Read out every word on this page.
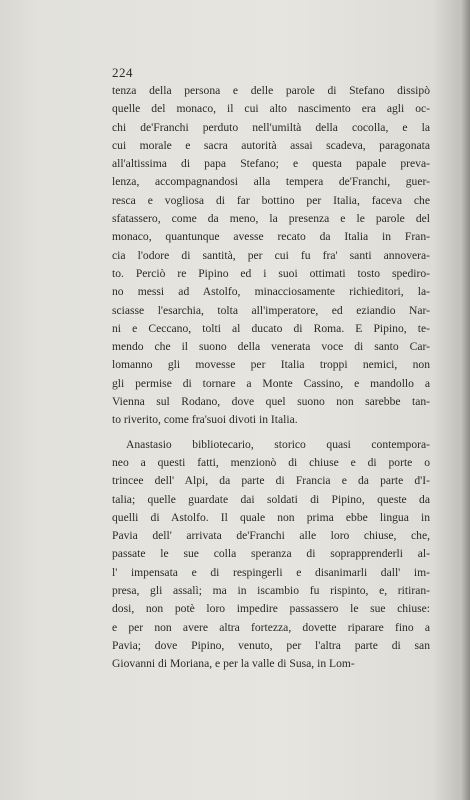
224
tenza della persona e delle parole di Stefano dissipò
quelle del monaco, il cui alto nascimento era agli oc-
chi de'Franchi perduto nell'umiltà della cocolla, e la
cui morale e sacra autorità assai scadeva, paragonata
all'altissima di papa Stefano; e questa papale preva-
lenza, accompagnandosi alla tempera de'Franchi, guer-
resca e vogliosa di far bottino per Italia, faceva che
sfatassero, come da meno, la presenza e le parole del
monaco, quantunque avesse recato da Italia in Fran-
cia l'odore di santità, per cui fu fra' santi annovera-
to. Perciò re Pipino ed i suoi ottimati tosto spediro-
no messi ad Astolfo, minacciosamente richieditori, la-
sciasse l'esarchia, tolta all'imperatore, ed eziandio Nar-
ni e Ceccano, tolti al ducato di Roma. E Pipino, te-
mendo che il suono della venerata voce di santo Car-
lomanno gli movesse per Italia troppi nemici, non
gli permise di tornare a Monte Cassino, e mandollo a
Vienna sul Rodano, dove quel suono non sarebbe tan-
to riverito, come fra'suoi divoti in Italia.
Anastasio bibliotecario, storico quasi contempora-
neo a questi fatti, menzionò di chiuse e di porte o
trincee dell' Alpi, da parte di Francia e da parte d'I-
talia; quelle guardate dai soldati di Pipino, queste da
quelli di Astolfo. Il quale non prima ebbe lingua in
Pavia dell' arrivata de'Franchi alle loro chiuse, che,
passate le sue colla speranza di soprapprenderli al-
l' impensata e di respingerli e disanimarli dall' im-
presa, gli assalì; ma in iscambio fu rispinto, e, ritiran-
dosi, non potè loro impedire passassero le sue chiuse:
e per non avere altra fortezza, dovette riparare fino a
Pavia; dove Pipino, venuto, per l'altra parte di san
Giovanni di Moriana, e per la valle di Susa, in Lom-
